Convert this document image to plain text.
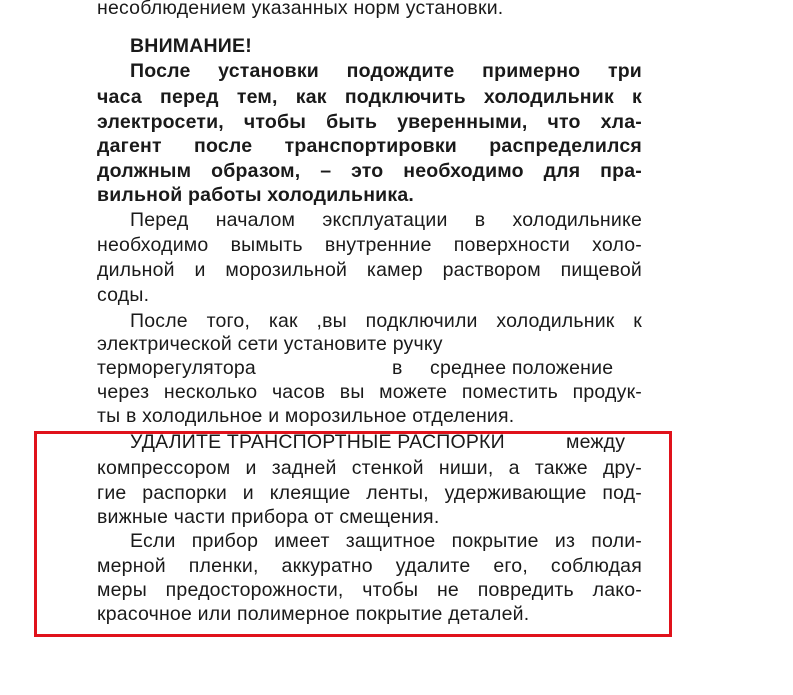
несоблюдением указанных норм установки.
ВНИМАНИЕ!
После установки подождите примерно три
часа перед тем, как подключить холодильник к
электросети, чтобы быть уверенными, что хла-
дагент после транспортировки распределился
должным образом, – это необходимо для пра-
вильной работы холодильника.
Перед началом эксплуатации в холодильнике
необходимо вымыть внутренние поверхности холо-
дильной и морозильной камер раствором пищевой
соды.
После того, как ,вы подключили холодильник к
электрической сети установите ручку
терморегулятора	в среднее положение
через несколько часов вы можете поместить продук-
ты в холодильное и морозильное отделения.
УДАЛИТЕ ТРАНСПОРТНЫЕ РАСПОРКИ	между
компрессором и задней стенкой ниши, а также дру-
гие распорки и клеящие ленты, удерживающие под-
вижные части прибора от смещения.
Если прибор имеет защитное покрытие из поли-
мерной пленки, аккуратно удалите его, соблюдая
меры предосторожности, чтобы не повредить лако-
красочное или полимерное покрытие деталей.
